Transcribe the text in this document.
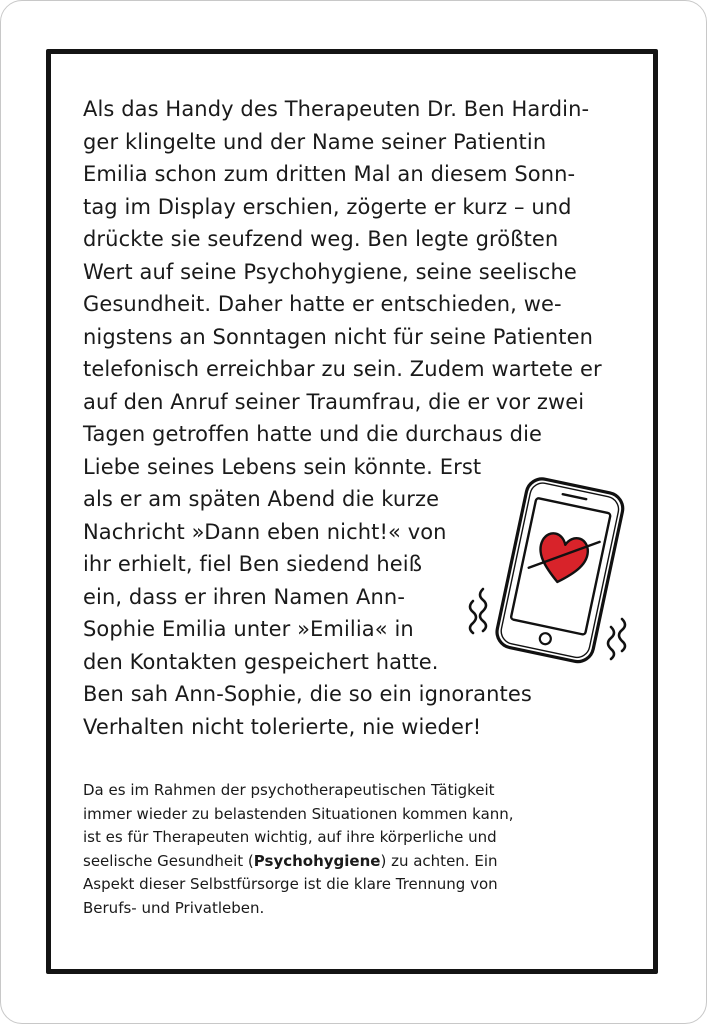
Als das Handy des Therapeuten Dr. Ben Hardin-
ger klingelte und der Name seiner Patientin
Emilia schon zum dritten Mal an diesem Sonn-
tag im Display erschien, zögerte er kurz – und
drückte sie seufzend weg. Ben legte größten
Wert auf seine Psychohygiene, seine seelische
Gesundheit. Daher hatte er entschieden, we-
nigstens an Sonntagen nicht für seine Patienten
telefonisch erreichbar zu sein. Zudem wartete er
auf den Anruf seiner Traumfrau, die er vor zwei
Tagen getroffen hatte und die durchaus die
Liebe seines Lebens sein könnte. Erst
als er am späten Abend die kurze
Nachricht »Dann eben nicht!« von
ihr erhielt, fiel Ben siedend heiß
ein, dass er ihren Namen Ann-
Sophie Emilia unter »Emilia« in
den Kontakten gespeichert hatte.
Ben sah Ann-Sophie, die so ein ignorantes
Verhalten nicht tolerierte, nie wieder!

Da es im Rahmen der psychotherapeutischen Tätigkeit
immer wieder zu belastenden Situationen kommen kann,
ist es für Therapeuten wichtig, auf ihre körperliche und
seelische Gesundheit (Psychohygiene) zu achten. Ein
Aspekt dieser Selbstfürsorge ist die klare Trennung von
Berufs- und Privatleben.
